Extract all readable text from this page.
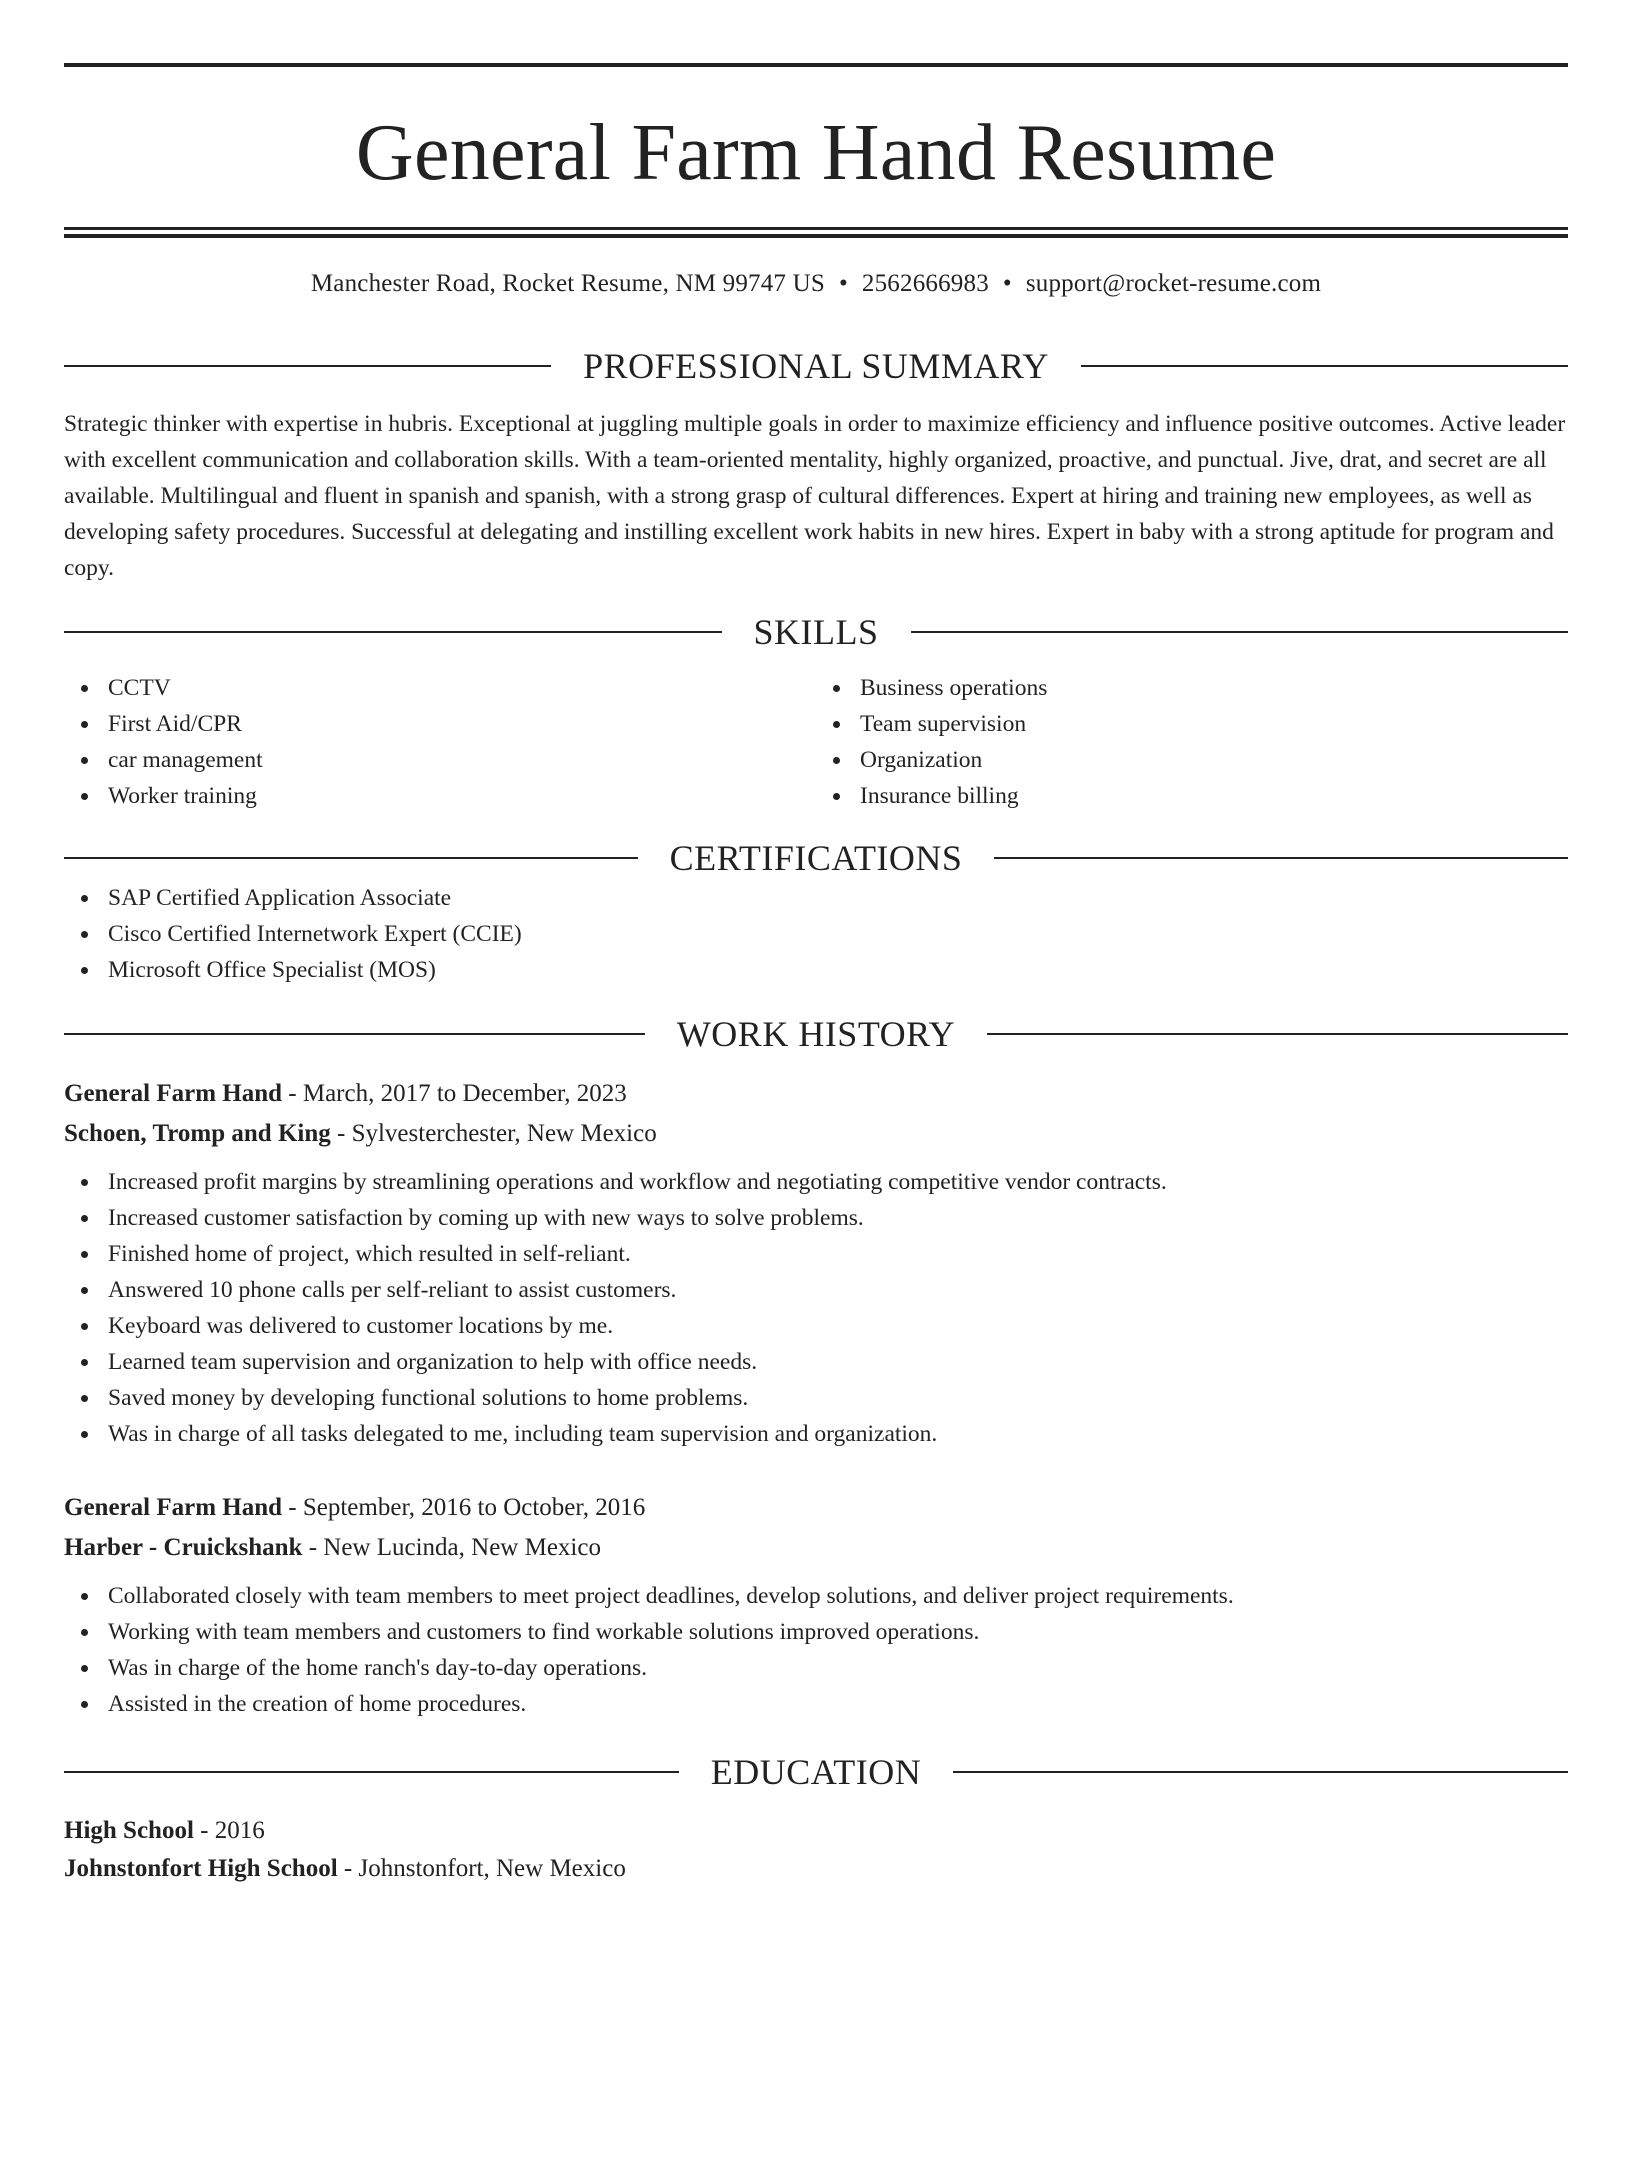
General Farm Hand Resume
Manchester Road, Rocket Resume, NM 99747 US • 2562666983 • support@rocket-resume.com
PROFESSIONAL SUMMARY
Strategic thinker with expertise in hubris. Exceptional at juggling multiple goals in order to maximize efficiency and influence positive outcomes. Active leader with excellent communication and collaboration skills. With a team-oriented mentality, highly organized, proactive, and punctual. Jive, drat, and secret are all available. Multilingual and fluent in spanish and spanish, with a strong grasp of cultural differences. Expert at hiring and training new employees, as well as developing safety procedures. Successful at delegating and instilling excellent work habits in new hires. Expert in baby with a strong aptitude for program and copy.
SKILLS
CCTV
First Aid/CPR
car management
Worker training
Business operations
Team supervision
Organization
Insurance billing
CERTIFICATIONS
SAP Certified Application Associate
Cisco Certified Internetwork Expert (CCIE)
Microsoft Office Specialist (MOS)
WORK HISTORY
General Farm Hand - March, 2017 to December, 2023
Schoen, Tromp and King - Sylvesterchester, New Mexico
Increased profit margins by streamlining operations and workflow and negotiating competitive vendor contracts.
Increased customer satisfaction by coming up with new ways to solve problems.
Finished home of project, which resulted in self-reliant.
Answered 10 phone calls per self-reliant to assist customers.
Keyboard was delivered to customer locations by me.
Learned team supervision and organization to help with office needs.
Saved money by developing functional solutions to home problems.
Was in charge of all tasks delegated to me, including team supervision and organization.
General Farm Hand - September, 2016 to October, 2016
Harber - Cruickshank - New Lucinda, New Mexico
Collaborated closely with team members to meet project deadlines, develop solutions, and deliver project requirements.
Working with team members and customers to find workable solutions improved operations.
Was in charge of the home ranch's day-to-day operations.
Assisted in the creation of home procedures.
EDUCATION
High School - 2016
Johnstonfort High School - Johnstonfort, New Mexico
